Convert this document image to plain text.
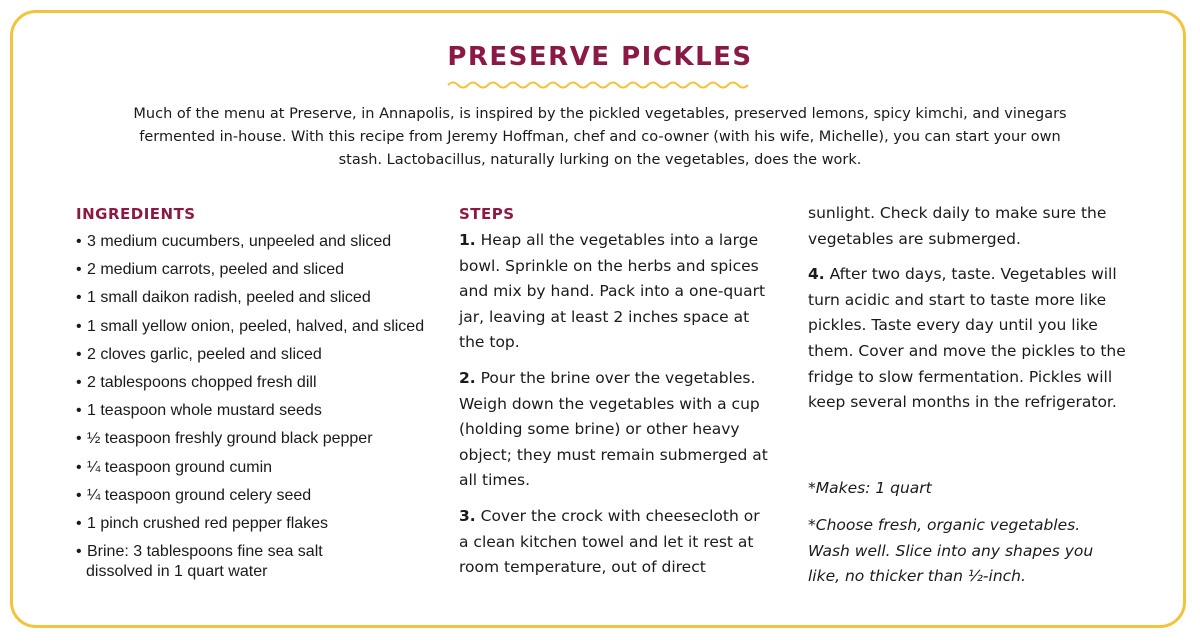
PRESERVE PICKLES
Much of the menu at Preserve, in Annapolis, is inspired by the pickled vegetables, preserved lemons, spicy kimchi, and vinegars fermented in-house. With this recipe from Jeremy Hoffman, chef and co-owner (with his wife, Michelle), you can start your own stash. Lactobacillus, naturally lurking on the vegetables, does the work.
INGREDIENTS
• 3 medium cucumbers, unpeeled and sliced
• 2 medium carrots, peeled and sliced
• 1 small daikon radish, peeled and sliced
• 1 small yellow onion, peeled, halved, and sliced
• 2 cloves garlic, peeled and sliced
• 2 tablespoons chopped fresh dill
• 1 teaspoon whole mustard seeds
• ½ teaspoon freshly ground black pepper
• ¼ teaspoon ground cumin
• ¼ teaspoon ground celery seed
• 1 pinch crushed red pepper flakes
• Brine: 3 tablespoons fine sea salt
dissolved in 1 quart water
STEPS

1. Heap all the vegetables into a large bowl. Sprinkle on the herbs and spices and mix by hand. Pack into a one-quart jar, leaving at least 2 inches space at the top.

2. Pour the brine over the vegetables. Weigh down the vegetables with a cup (holding some brine) or other heavy object; they must remain submerged at all times.

3. Cover the crock with cheesecloth or a clean kitchen towel and let it rest at room temperature, out of direct

sunlight. Check daily to make sure the vegetables are submerged.

4. After two days, taste. Vegetables will turn acidic and start to taste more like pickles. Taste every day until you like them. Cover and move the pickles to the fridge to slow fermentation. Pickles will keep several months in the refrigerator.

*Makes: 1 quart
*Choose fresh, organic vegetables. Wash well. Slice into any shapes you like, no thicker than ½-inch.
